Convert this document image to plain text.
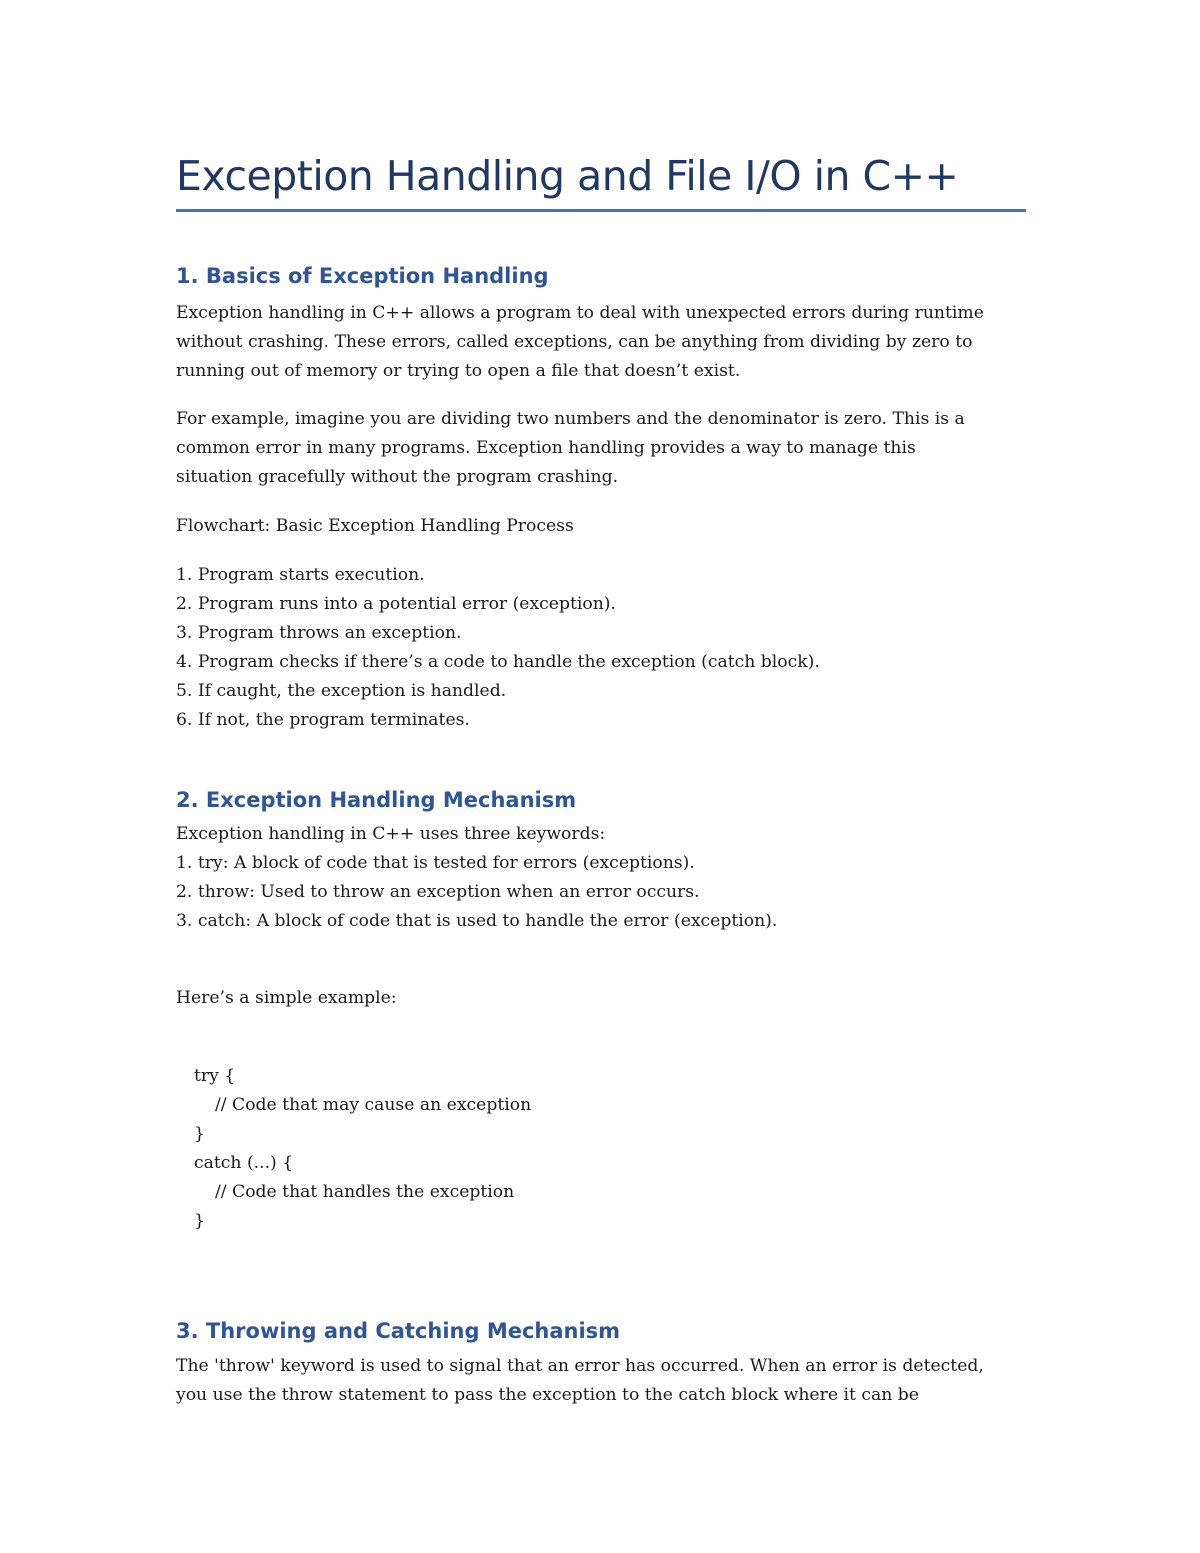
Exception Handling and File I/O in C++
1. Basics of Exception Handling

Exception handling in C++ allows a program to deal with unexpected errors during runtime
without crashing. These errors, called exceptions, can be anything from dividing by zero to
running out of memory or trying to open a file that doesn’t exist.

For example, imagine you are dividing two numbers and the denominator is zero. This is a
common error in many programs. Exception handling provides a way to manage this
situation gracefully without the program crashing.

Flowchart: Basic Exception Handling Process

1. Program starts execution.
2. Program runs into a potential error (exception).
3. Program throws an exception.
4. Program checks if there’s a code to handle the exception (catch block).
5. If caught, the exception is handled.
6. If not, the program terminates.

2. Exception Handling Mechanism

Exception handling in C++ uses three keywords:
1. try: A block of code that is tested for errors (exceptions).
2. throw: Used to throw an exception when an error occurs.
3. catch: A block of code that is used to handle the error (exception).

Here’s a simple example:

try {
// Code that may cause an exception
}
catch (...) {
// Code that handles the exception
}
3. Throwing and Catching Mechanism

The 'throw' keyword is used to signal that an error has occurred. When an error is detected,
you use the throw statement to pass the exception to the catch block where it can be
